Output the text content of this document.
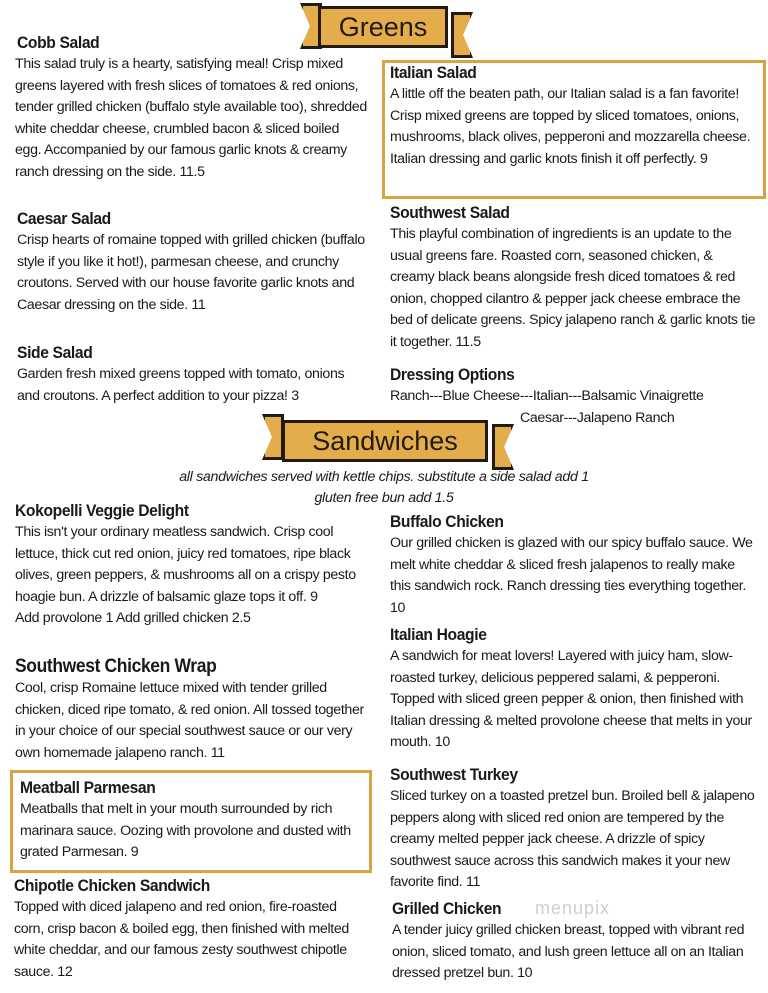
Greens
Cobb Salad
This salad truly is a hearty, satisfying meal! Crisp mixed greens layered with fresh slices of tomatoes & red onions, tender grilled chicken (buffalo style available too), shredded white cheddar cheese, crumbled bacon & sliced boiled egg. Accompanied by our famous garlic knots & creamy ranch dressing on the side. 11.5
Caesar Salad
Crisp hearts of romaine topped with grilled chicken (buffalo style if you like it hot!), parmesan cheese, and crunchy croutons. Served with our house favorite garlic knots and Caesar dressing on the side. 11
Side Salad
Garden fresh mixed greens topped with tomato, onions and croutons. A perfect addition to your pizza! 3
Italian Salad
A little off the beaten path, our Italian salad is a fan favorite! Crisp mixed greens are topped by sliced tomatoes, onions, mushrooms, black olives, pepperoni and mozzarella cheese. Italian dressing and garlic knots finish it off perfectly. 9
Southwest Salad
This playful combination of ingredients is an update to the usual greens fare. Roasted corn, seasoned chicken, & creamy black beans alongside fresh diced tomatoes & red onion, chopped cilantro & pepper jack cheese embrace the bed of delicate greens. Spicy jalapeno ranch & garlic knots tie it together. 11.5
Dressing Options
Ranch---Blue Cheese---Italian---Balsamic Vinaigrette
Caesar---Jalapeno Ranch
Sandwiches
all sandwiches served with kettle chips. substitute a side salad add 1
gluten free bun add 1.5
Kokopelli Veggie Delight
This isn't your ordinary meatless sandwich. Crisp cool lettuce, thick cut red onion, juicy red tomatoes, ripe black olives, green peppers, & mushrooms all on a crispy pesto hoagie bun. A drizzle of balsamic glaze tops it off. 9
Add provolone 1 Add grilled chicken 2.5
Southwest Chicken Wrap
Cool, crisp Romaine lettuce mixed with tender grilled chicken, diced ripe tomato, & red onion. All tossed together in your choice of our special southwest sauce or our very own homemade jalapeno ranch. 11
Meatball Parmesan
Meatballs that melt in your mouth surrounded by rich marinara sauce. Oozing with provolone and dusted with grated Parmesan. 9
Chipotle Chicken Sandwich
Topped with diced jalapeno and red onion, fire-roasted corn, crisp bacon & boiled egg, then finished with melted white cheddar, and our famous zesty southwest chipotle sauce. 12
Buffalo Chicken
Our grilled chicken is glazed with our spicy buffalo sauce. We melt white cheddar & sliced fresh jalapenos to really make this sandwich rock. Ranch dressing ties everything together. 10
Italian Hoagie
A sandwich for meat lovers! Layered with juicy ham, slow-roasted turkey, delicious peppered salami, & pepperoni. Topped with sliced green pepper & onion, then finished with Italian dressing & melted provolone cheese that melts in your mouth. 10
Southwest Turkey
Sliced turkey on a toasted pretzel bun. Broiled bell & jalapeno peppers along with sliced red onion are tempered by the creamy melted pepper jack cheese. A drizzle of spicy southwest sauce across this sandwich makes it your new favorite find. 11
Grilled Chicken
A tender juicy grilled chicken breast, topped with vibrant red onion, sliced tomato, and lush green lettuce all on an Italian dressed pretzel bun. 10
menupix
